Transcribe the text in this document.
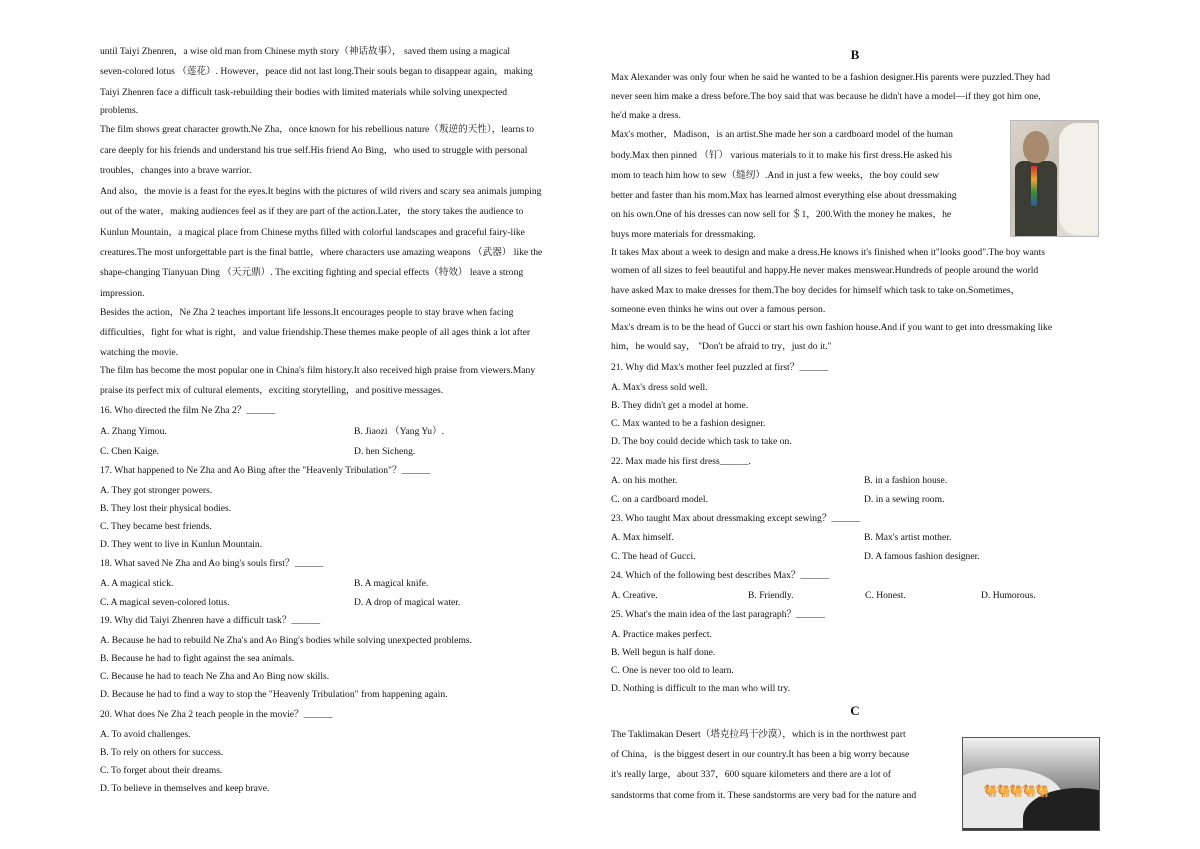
until Taiyi Zhenren，a wise old man from Chinese myth story（神话故事）， saved them using a magical
seven-colored lotus （莲花）. However，peace did not last long.Their souls began to disappear again，making
Taiyi Zhenren face a difficult task-rebuilding their bodies with limited materials while solving unexpected
problems.
The film shows great character growth.Ne Zha，once known for his rebellious nature（叛逆的天性），learns to
care deeply for his friends and understand his true self.His friend Ao Bing，who used to struggle with personal
troubles，changes into a brave warrior.
And also，the movie is a feast for the eyes.It begins with the pictures of wild rivers and scary sea animals jumping
out of the water，making audiences feel as if they are part of the action.Later，the story takes the audience to
Kunlun Mountain，a magical place from Chinese myths filled with colorful landscapes and graceful fairy-like
creatures.The most unforgettable part is the final battle，where characters use amazing weapons （武器） like the
shape-changing Tianyuan Ding （天元鼎）. The exciting fighting and special effects（特效） leave a strong
impression.
Besides the action，Ne Zha 2 teaches important life lessons.It encourages people to stay brave when facing
difficulties，fight for what is right，and value friendship.These themes make people of all ages think a lot after
watching the movie.
The film has become the most popular one in China's film history.It also received high praise from viewers.Many
praise its perfect mix of cultural elements，exciting storytelling，and positive messages.
16. Who directed the film Ne Zha 2？______
A. Zhang Yimou.	B. Jiaozi （Yang Yu）.
C. Chen Kaige.	D. hen Sicheng.
17. What happened to Ne Zha and Ao Bing after the "Heavenly Tribulation"？______
A. They got stronger powers.
B. They lost their physical bodies.
C. They became best friends.
D. They went to live in Kunlun Mountain.
18. What saved Ne Zha and Ao bing's souls first？______
A. A magical stick.	B. A magical knife.
C. A magical seven-colored lotus.	D. A drop of magical water.
19. Why did Taiyi Zhenren have a difficult task？______
A. Because he had to rebuild Ne Zha's and Ao Bing's bodies while solving unexpected problems.
B. Because he had to fight against the sea animals.
C. Because he had to teach Ne Zha and Ao Bing now skills.
D. Because he had to find a way to stop the "Heavenly Tribulation" from happening again.
20. What does Ne Zha 2 teach people in the movie？______
A. To avoid challenges.
B. To rely on others for success.
C. To forget about their dreams.
D. To believe in themselves and keep brave.
B
Max Alexander was only four when he said he wanted to be a fashion designer.His parents were puzzled.They had
never seen him make a dress before.The boy said that was because he didn't have a model—if they got him one,
he'd make a dress.
Max's mother，Madison，is an artist.She made her son a cardboard model of the human
body.Max then pinned （钉） various materials to it to make his first dress.He asked his
mom to teach him how to sew（缝纫）.And in just a few weeks，the boy could sew
better and faster than his mom.Max has learned almost everything else about dressmaking
on his own.One of his dresses can now sell for ＄1，200.With the money he makes，he
buys more materials for dressmaking.
It takes Max about a week to design and make a dress.He knows it's finished when it"looks good".The boy wants
women of all sizes to feel beautiful and happy.He never makes menswear.Hundreds of people around the world
have asked Max to make dresses for them.The boy decides for himself which task to take on.Sometimes，
someone even thinks he wins out over a famous person.
Max's dream is to be the head of Gucci or start his own fashion house.And if you want to get into dressmaking like
him，he would say， "Don't be afraid to try，just do it."
21. Why did Max's mother feel puzzled at first？______
A. Max's dress sold well.
B. They didn't get a model at home.
C. Max wanted to be a fashion designer.
D. The boy could decide which task to take on.
22. Max made his first dress______.
A. on his mother.	B. in a fashion house.
C. on a cardboard model.	D. in a sewing room.
23. Who taught Max about dressmaking except sewing？______
A. Max himself.	B. Max's artist mother.
C. The head of Gucci.	D. A famous fashion designer.
24. Which of the following best describes Max？______
A. Creative.	B. Friendly.	C. Honest.	D. Humorous.
25. What's the main idea of the last paragraph？______
A. Practice makes perfect.
B. Well begun is half done.
C. One is never too old to learn.
D. Nothing is difficult to the man who will try.
C
The Taklimakan Desert（塔克拉玛干沙漠），which is in the northwest part
of China，is the biggest desert in our country.It has been a big worry because
it's really large，about 337，600 square kilometers and there are a lot of
sandstorms that come from it. These sandstorms are very bad for the nature and	🐫🐫🐫🐫🐫
